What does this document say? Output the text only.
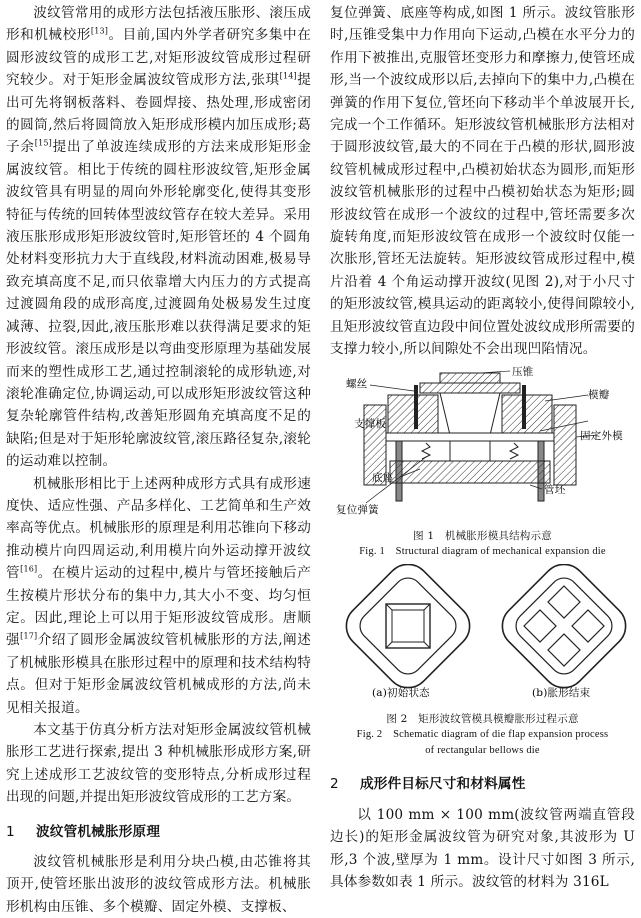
波纹管常用的成形方法包括液压胀形、滚压成形和机械校形[13]。目前,国内外学者研究多集中在圆形波纹管的成形工艺,对矩形波纹管成形过程研究较少。对于矩形金属波纹管成形方法,张琪[14]提出可先将钢板落料、卷圆焊接、热处理,形成密闭的圆筒,然后将圆筒放入矩形成形模内加压成形;葛子余[15]提出了单波连续成形的方法来成形矩形金属波纹管。相比于传统的圆柱形波纹管,矩形金属波纹管具有明显的周向外形轮廓变化,使得其变形特征与传统的回转体型波纹管存在较大差异。采用液压胀形成形矩形波纹管时,矩形管坯的 4 个圆角处材料变形抗力大于直线段,材料流动困难,极易导致充填高度不足,而只依靠增大内压力的方式提高过渡圆角段的成形高度,过渡圆角处极易发生过度减薄、拉裂,因此,液压胀形难以获得满足要求的矩形波纹管。滚压成形是以弯曲变形原理为基础发展而来的塑性成形工艺,通过控制滚轮的成形轨迹,对滚轮准确定位,协调运动,可以成形矩形波纹管这种复杂轮廓管件结构,改善矩形圆角充填高度不足的缺陷;但是对于矩形轮廓波纹管,滚压路径复杂,滚轮的运动难以控制。

机械胀形相比于上述两种成形方式具有成形速度快、适应性强、产品多样化、工艺简单和生产效率高等优点。机械胀形的原理是利用芯锥向下移动推动模片向四周运动,利用模片向外运动撑开波纹管[16]。在模片运动的过程中,模片与管坯接触后产生按模片形状分布的集中力,其大小不变、均匀恒定。因此,理论上可以用于矩形波纹管成形。唐顺强[17]介绍了圆形金属波纹管机械胀形的方法,阐述了机械胀形模具在胀形过程中的原理和技术结构特点。但对于矩形金属波纹管机械成形的方法,尚未见相关报道。

本文基于仿真分析方法对矩形金属波纹管机械胀形工艺进行探索,提出 3 种机械胀形成形方案,研究上述成形工艺波纹管的变形特点,分析成形过程出现的问题,并提出矩形波纹管成形的工艺方案。

1 波纹管机械胀形原理

波纹管机械胀形是利用分块凸模,由芯锥将其顶开,使管坯胀出波形的波纹管成形方法。机械胀形机构由压锥、多个模瓣、固定外模、支撑板、

复位弹簧、底座等构成,如图 1 所示。波纹管胀形时,压锥受集中力作用向下运动,凸模在水平分力的作用下被推出,克服管坯变形力和摩擦力,使管坯成形,当一个波纹成形以后,去掉向下的集中力,凸模在弹簧的作用下复位,管坯向下移动半个单波展开长,完成一个工作循环。矩形波纹管机械胀形方法相对于圆形波纹管,最大的不同在于凸模的形状,圆形波纹管机械成形过程中,凸模初始状态为圆形,而矩形波纹管机械胀形的过程中凸模初始状态为矩形;圆形波纹管在成形一个波纹的过程中,管坯需要多次旋转角度,而矩形波纹管在成形一个波纹时仅能一次胀形,管坯无法旋转。矩形波纹管成形过程中,模片沿着 4 个角运动撑开波纹(见图 2),对于小尺寸的矩形波纹管,模具运动的距离较小,使得间隙较小,且矩形波纹管直边段中间位置处波纹成形所需要的支撑力较小,所以间隙处不会出现凹陷情况。

螺丝
压锥
模瓣
支撑板
固定外模
底座
管坯
复位弹簧

图 1　机械胀形模具结构示意

Fig. 1　Structural diagram of mechanical expansion die

(a)初始状态	(b)胀形结束

图 2　矩形波纹管模具模瓣胀形过程示意

Fig. 2　Schematic diagram of die flap expansion process

of rectangular bellows die

2 成形件目标尺寸和材料属性

以 100 mm × 100 mm(波纹管两端直管段边长)的矩形金属波纹管为研究对象,其波形为 U 形,3 个波,壁厚为 1 mm。设计尺寸如图 3 所示,具体参数如表 1 所示。波纹管的材料为 316L
